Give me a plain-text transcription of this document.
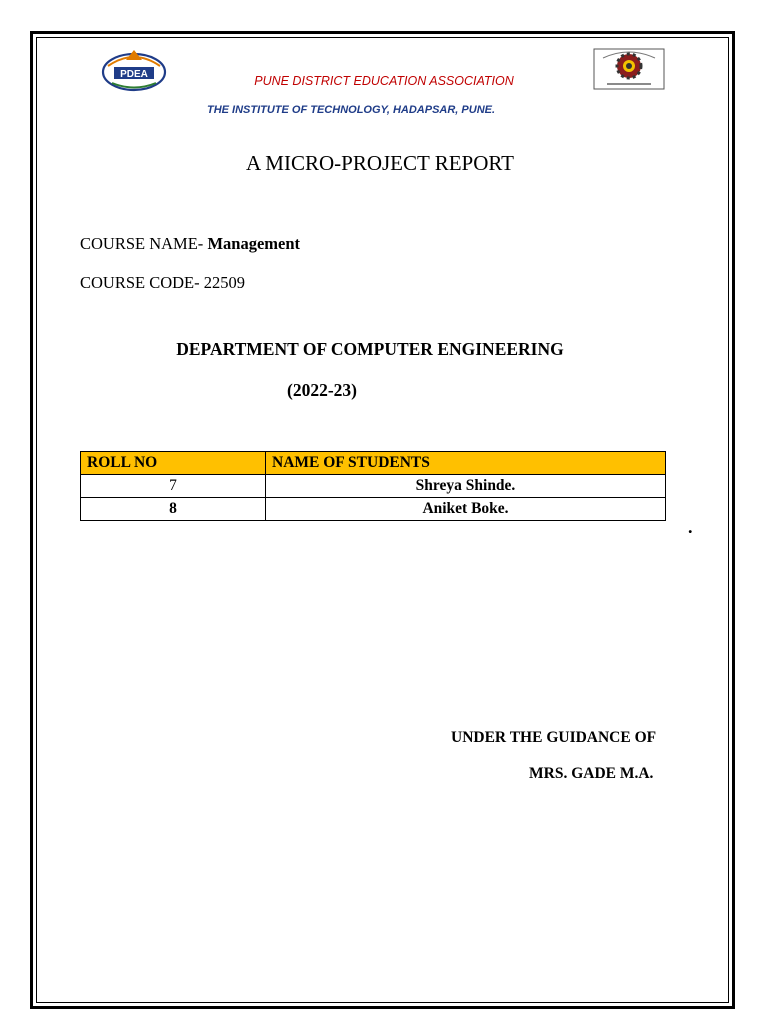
PDEA	PUNE DISTRICT EDUCATION ASSOCIATION
THE INSTITUTE OF TECHNOLOGY, HADAPSAR, PUNE.
A MICRO-PROJECT REPORT
COURSE NAME- Management
COURSE CODE- 22509
DEPARTMENT OF COMPUTER ENGINEERING
(2022-23)
ROLL NO	NAME OF STUDENTS
7	Shreya Shinde.
8	Aniket Boke.
.
UNDER THE GUIDANCE OF
MRS. GADE M.A.
